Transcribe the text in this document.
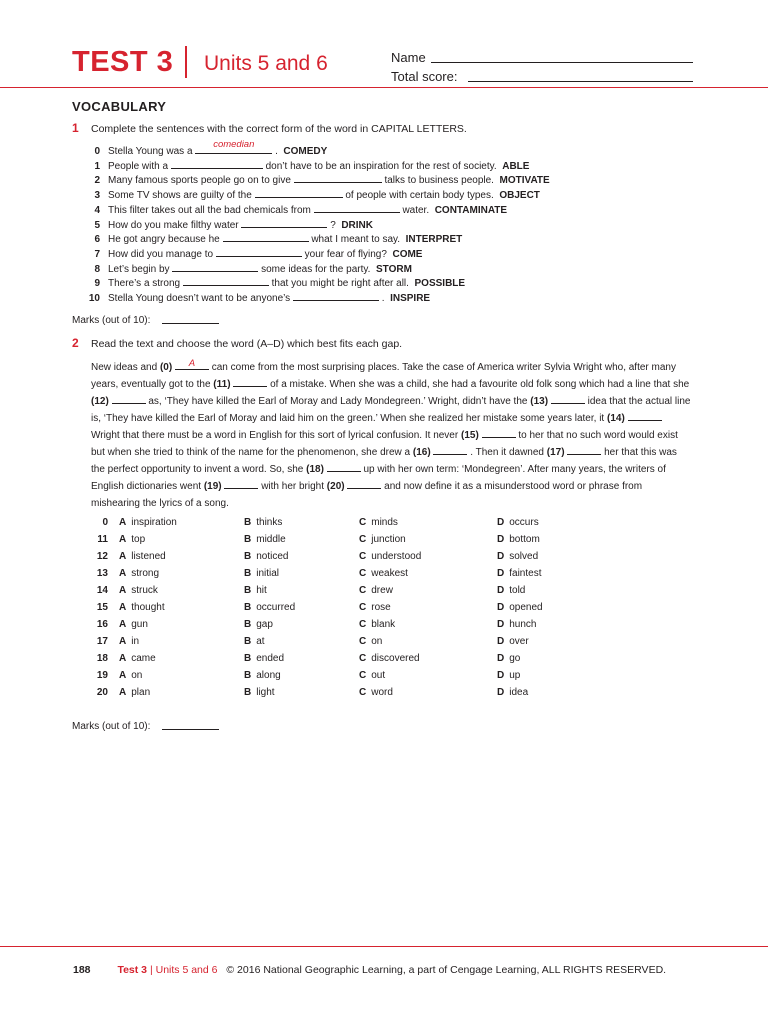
TEST 3 Units 5 and 6	Name
Total score:
VOCABULARY
1 Complete the sentences with the correct form of the word in CAPITAL LETTERS.
0 Stella Young was a
comedian
. COMEDY
1 People with a	don’t have to be an inspiration for the rest of society. ABLE
2 Many famous sports people go on to give	talks to business people. MOTIVATE
3 Some TV shows are guilty of the	of people with certain body types. OBJECT
4 This filter takes out all the bad chemicals from	water. CONTAMINATE
5 How do you make filthy water	? DRINK
6 He got angry because he	what I meant to say. INTERPRET
7 How did you manage to	your fear of flying? COME
8 Let’s begin by	some ideas for the party. STORM
9 There’s a strong	that you might be right after all. POSSIBLE
10 Stella Young doesn’t want to be anyone’s	. INSPIRE
Marks (out of 10):
2 Read the text and choose the word (A–D) which best fits each gap.
New ideas and (0)	A	can come from the most surprising places. Take the case of America writer Sylvia Wright who, after many years, eventually got to the (11)	of a mistake. When she was a child, she had a favourite old folk song which had a line that she (12)	as, ‘They have killed the Earl of Moray and Lady Mondegreen.’ Wright, didn’t have the (13)	idea that the actual line is, ‘They have killed the Earl of Moray and laid him on the green.’ When she realized her mistake some years later, it (14)  Wright that there must be a word in English for this sort of lyrical confusion. It never (15)	to her that no such word would exist but when she tried to think of the name for the phenomenon, she drew a (16)	. Then it dawned (17)	her that this was the perfect opportunity to invent a word. So, she (18)	up with her own term: ‘Mondegreen’. After many years, the writers of English dictionaries went (19)	with her bright (20)	and now define it as a misunderstood word or phrase from mishearing the lyrics of a song.
0 A inspiration	B thinks	C minds	D occurs
11 A top	B middle	C junction	D bottom
12 A listened	B noticed	C understood	D solved
13 A strong	B initial	C weakest	D faintest
14 A struck	B hit	C drew	D told
15 A thought	B occurred	C rose	D opened
16 A gun	B gap	C blank	D hunch
17 A in	B at	C on	D over
18 A came	B ended	C discovered	D go
19 A on	B along	C out	D up
20 A plan	B light	C word	D idea
Marks (out of 10):
188	Test 3 | Units 5 and 6 © 2016 National Geographic Learning, a part of Cengage Learning, ALL RIGHTS RESERVED.
